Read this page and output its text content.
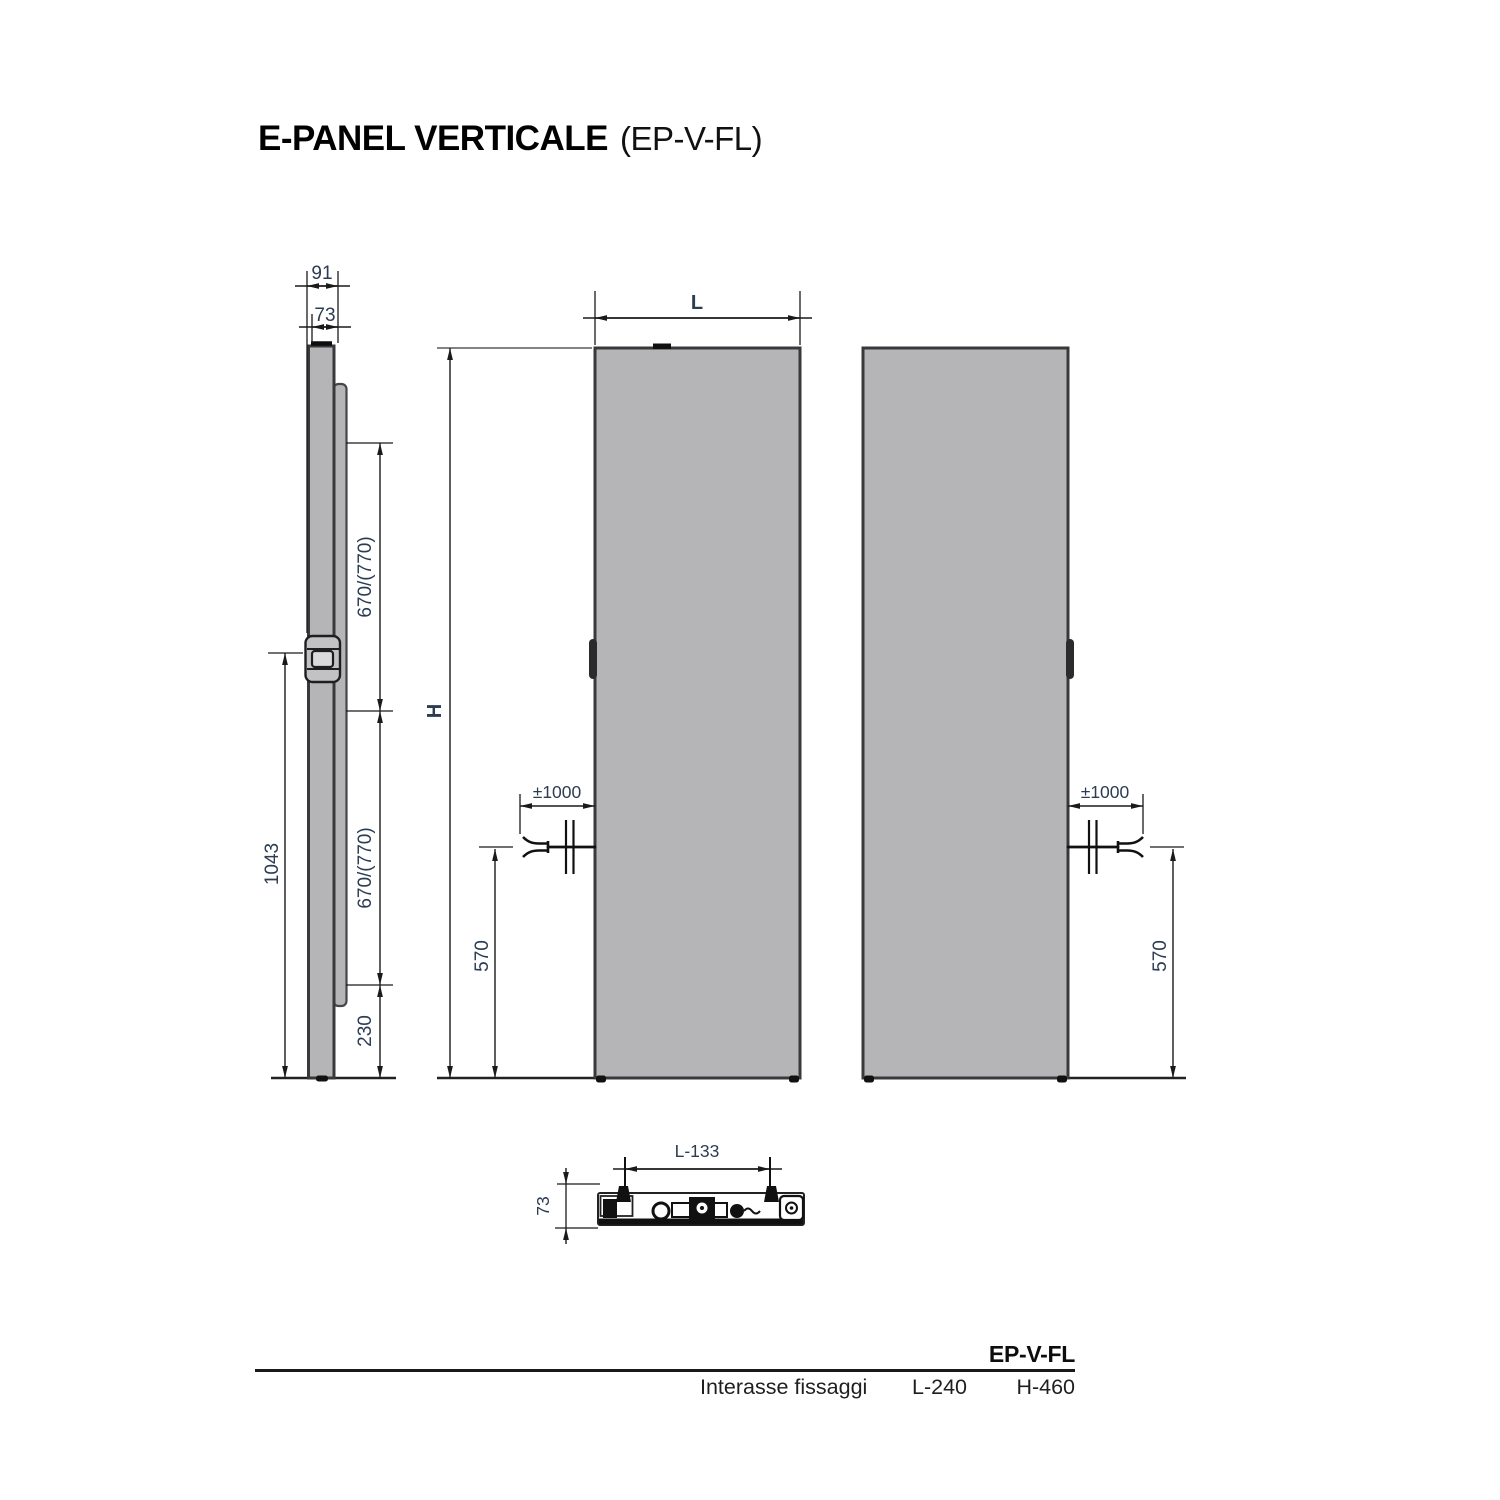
E-PANEL VERTICALE (EP-V-FL)
91
73
670/(770)
670/(770)
230
1043
L
H
±1000
570
±1000
570
L-133
73
EP-V-FL
Interasse fissaggi L-240	H-460
